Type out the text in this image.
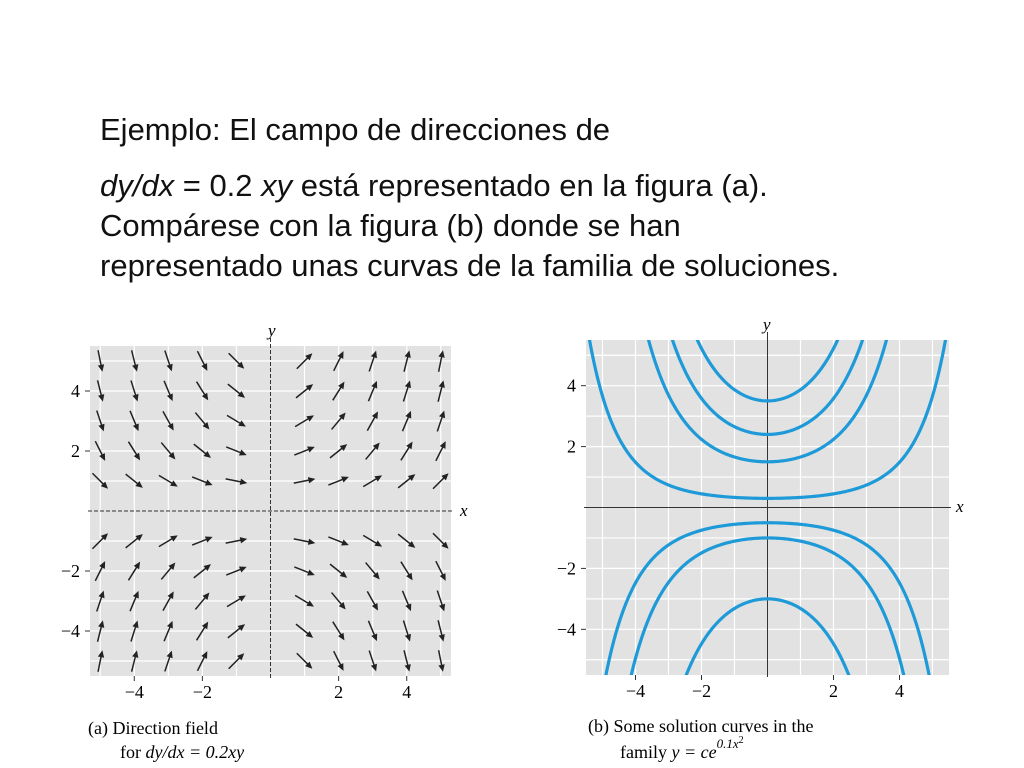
Ejemplo: El campo de direcciones de

dy/dx = 0.2 xy está representado en la figura (a).

Compárese con la figura (b) donde se han

representado unas curvas de la familia de soluciones.

−4	−2	2	4
4
2
−2
−4
y
x
(a) Direction field
for dy/dx = 0.2xy
−4	−2	2	4
4
2
−2
−4
y
x
(b) Some solution curves in the
family $y = ce^{0.1x2}$
